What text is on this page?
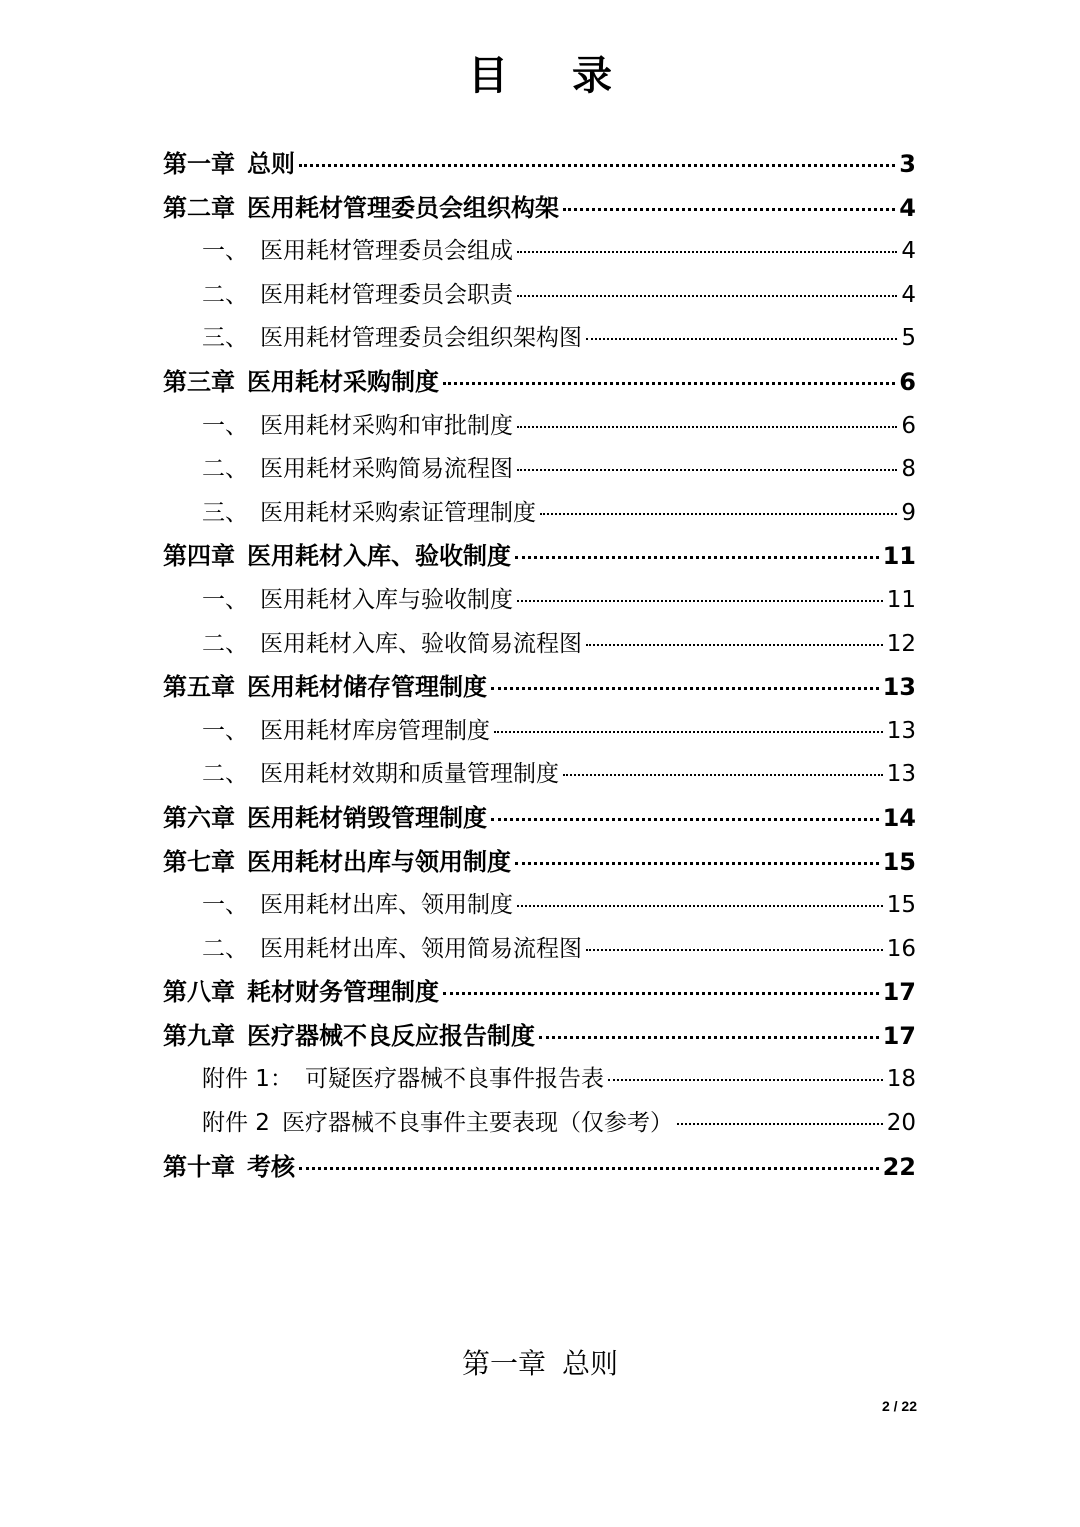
目 录
第一章 总则	3
第二章 医用耗材管理委员会组织构架	4
一、 医用耗材管理委员会组成	4
二、 医用耗材管理委员会职责	4
三、 医用耗材管理委员会组织架构图	5
第三章 医用耗材采购制度	6
一、 医用耗材采购和审批制度	6
二、 医用耗材采购简易流程图	8
三、 医用耗材采购索证管理制度	9
第四章 医用耗材入库、验收制度	11
一、 医用耗材入库与验收制度	11
二、 医用耗材入库、验收简易流程图	12
第五章 医用耗材储存管理制度	13
一、 医用耗材库房管理制度	13
二、 医用耗材效期和质量管理制度	13
第六章 医用耗材销毁管理制度	14
第七章 医用耗材出库与领用制度	15
一、 医用耗材出库、领用制度	15
二、 医用耗材出库、领用简易流程图	16
第八章 耗材财务管理制度	17
第九章 医疗器械不良反应报告制度	17
附件 1： 可疑医疗器械不良事件报告表	18
附件 2 医疗器械不良事件主要表现（仅参考）	20
第十章 考核	22
第一章 总则
2 / 22
